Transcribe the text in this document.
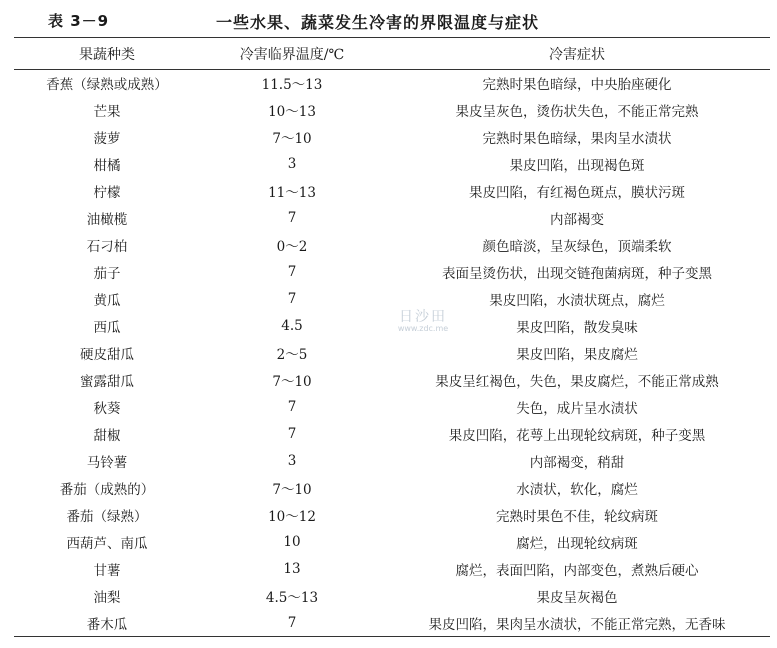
表 3－9	一些水果、蔬菜发生冷害的界限温度与症状
果蔬种类	冷害临界温度/℃	冷害症状
香蕉（绿熟或成熟）	11.5～13	完熟时果色暗绿，中央胎座硬化
芒果	10～13	果皮呈灰色，烫伤状失色，不能正常完熟
菠萝	7～10	完熟时果色暗绿，果肉呈水渍状
柑橘	3	果皮凹陷，出现褐色斑
柠檬	11～13	果皮凹陷，有红褐色斑点，膜状污斑
油橄榄	7	内部褐变
石刁柏	0～2	颜色暗淡，呈灰绿色，顶端柔软
茄子	7	表面呈烫伤状，出现交链孢菌病斑，种子变黑
黄瓜	7	果皮凹陷，水渍状斑点，腐烂
西瓜	4.5	果皮凹陷，散发臭味
硬皮甜瓜	2～5	果皮凹陷，果皮腐烂
蜜露甜瓜	7～10	果皮呈红褐色，失色，果皮腐烂，不能正常成熟
秋葵	7	失色，成片呈水渍状
甜椒	7	果皮凹陷，花萼上出现轮纹病斑，种子变黑
马铃薯	3	内部褐变，稍甜
番茄（成熟的）	7～10	水渍状，软化，腐烂
番茄（绿熟）	10～12	完熟时果色不佳，轮纹病斑
西葫芦、南瓜	10	腐烂，出现轮纹病斑
甘薯	13	腐烂，表面凹陷，内部变色，煮熟后硬心
油梨	4.5～13	果皮呈灰褐色
番木瓜	7	果皮凹陷，果肉呈水渍状，不能正常完熟，无香味
日沙田
www.zdc.me
